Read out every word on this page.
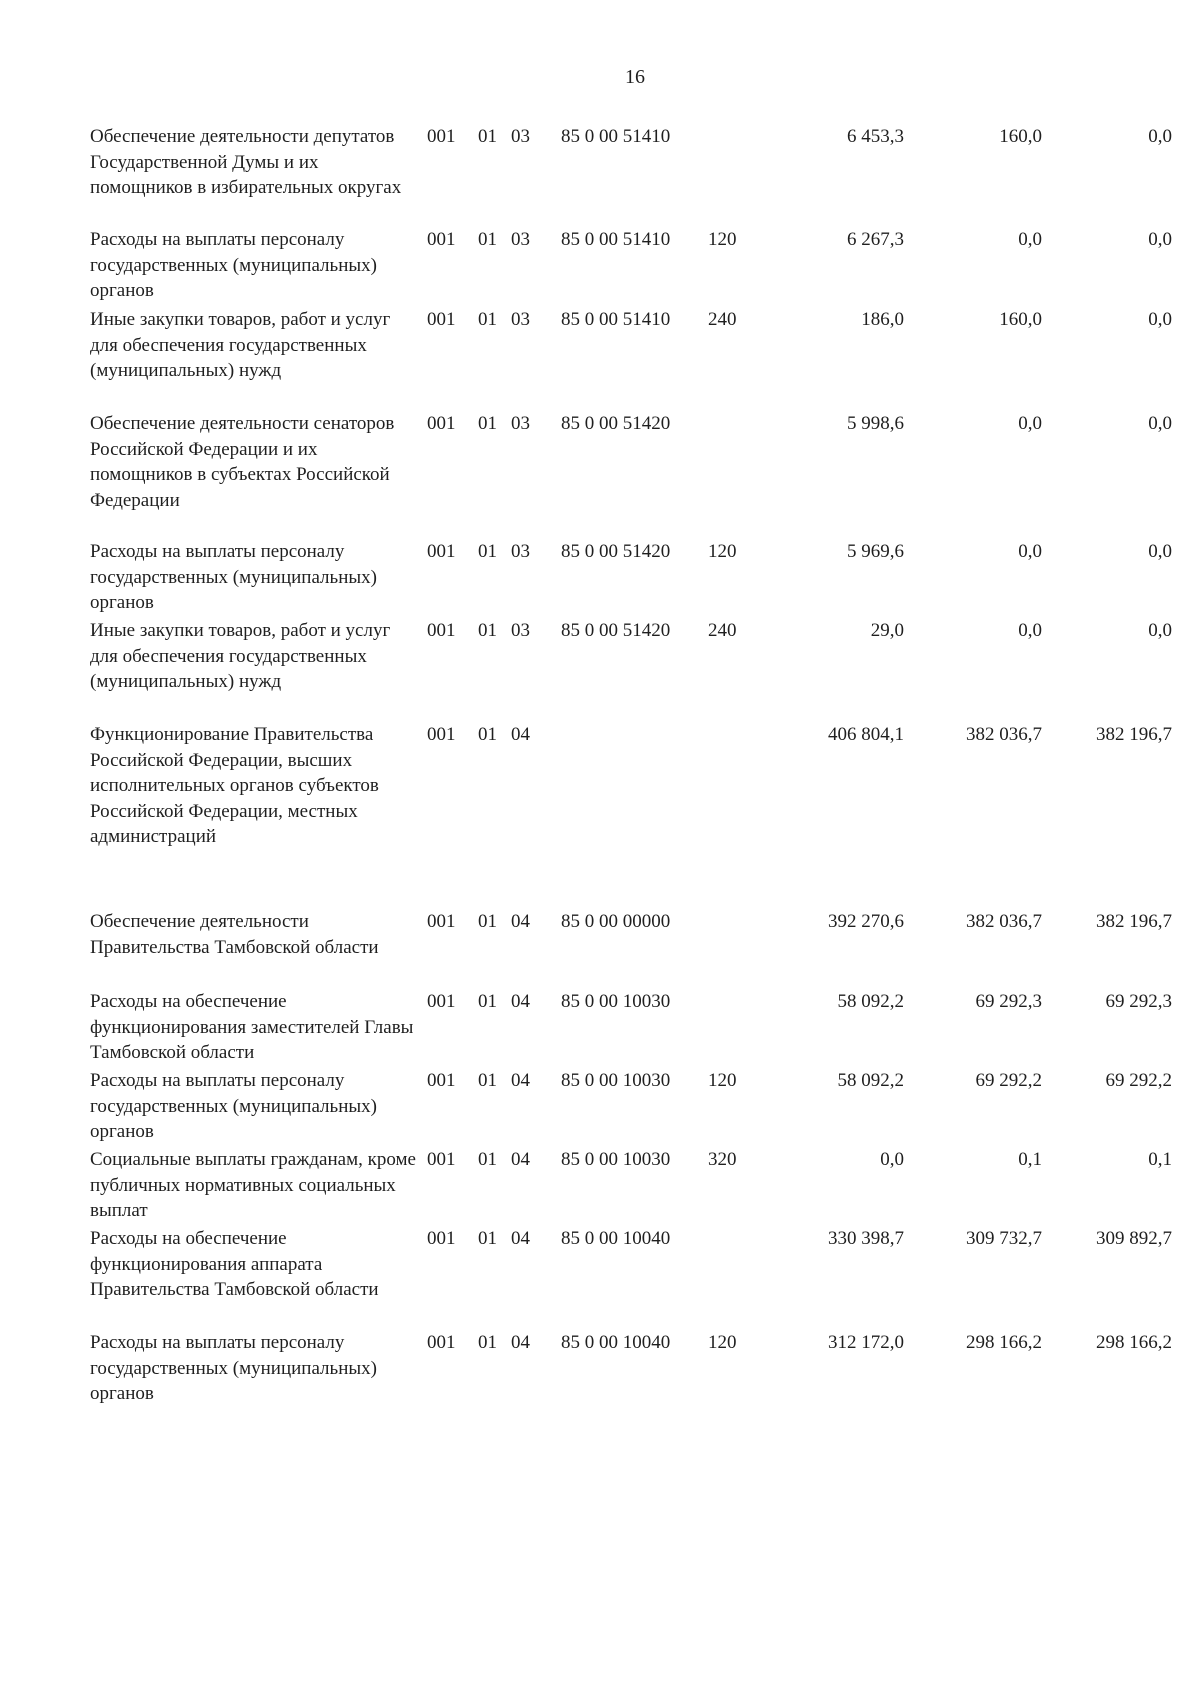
16
Обеспечение деятельности депутатов Государственной Думы и их помощников в избирательных округах
001 01 03 85 0 00 51410	6 453,3	160,0	0,0
Расходы на выплаты персоналу государственных (муниципальных) органов
001 01 03 85 0 00 51410 120	6 267,3	0,0	0,0
Иные закупки товаров, работ и услуг для обеспечения государственных (муниципальных) нужд
001 01 03 85 0 00 51410 240	186,0	160,0	0,0
Обеспечение деятельности сенаторов Российской Федерации и их помощников в субъектах Российской Федерации
001 01 03 85 0 00 51420	5 998,6	0,0	0,0
Расходы на выплаты персоналу государственных (муниципальных) органов
001 01 03 85 0 00 51420 120	5 969,6	0,0	0,0
Иные закупки товаров, работ и услуг для обеспечения государственных (муниципальных) нужд
001 01 03 85 0 00 51420 240	29,0	0,0	0,0
Функционирование Правительства Российской Федерации, высших исполнительных органов субъектов Российской Федерации, местных администраций
001 01 04	406 804,1	382 036,7	382 196,7
Обеспечение деятельности Правительства Тамбовской области
001 01 04 85 0 00 00000	392 270,6	382 036,7	382 196,7
Расходы на обеспечение функционирования заместителей Главы Тамбовской области
001 01 04 85 0 00 10030	58 092,2	69 292,3	69 292,3
Расходы на выплаты персоналу государственных (муниципальных) органов
001 01 04 85 0 00 10030 120	58 092,2	69 292,2	69 292,2
Социальные выплаты гражданам, кроме публичных нормативных социальных выплат
001 01 04 85 0 00 10030 320	0,0	0,1	0,1
Расходы на обеспечение функционирования аппарата Правительства Тамбовской области
001 01 04 85 0 00 10040	330 398,7	309 732,7	309 892,7
Расходы на выплаты персоналу государственных (муниципальных) органов
001 01 04 85 0 00 10040 120	312 172,0	298 166,2	298 166,2
